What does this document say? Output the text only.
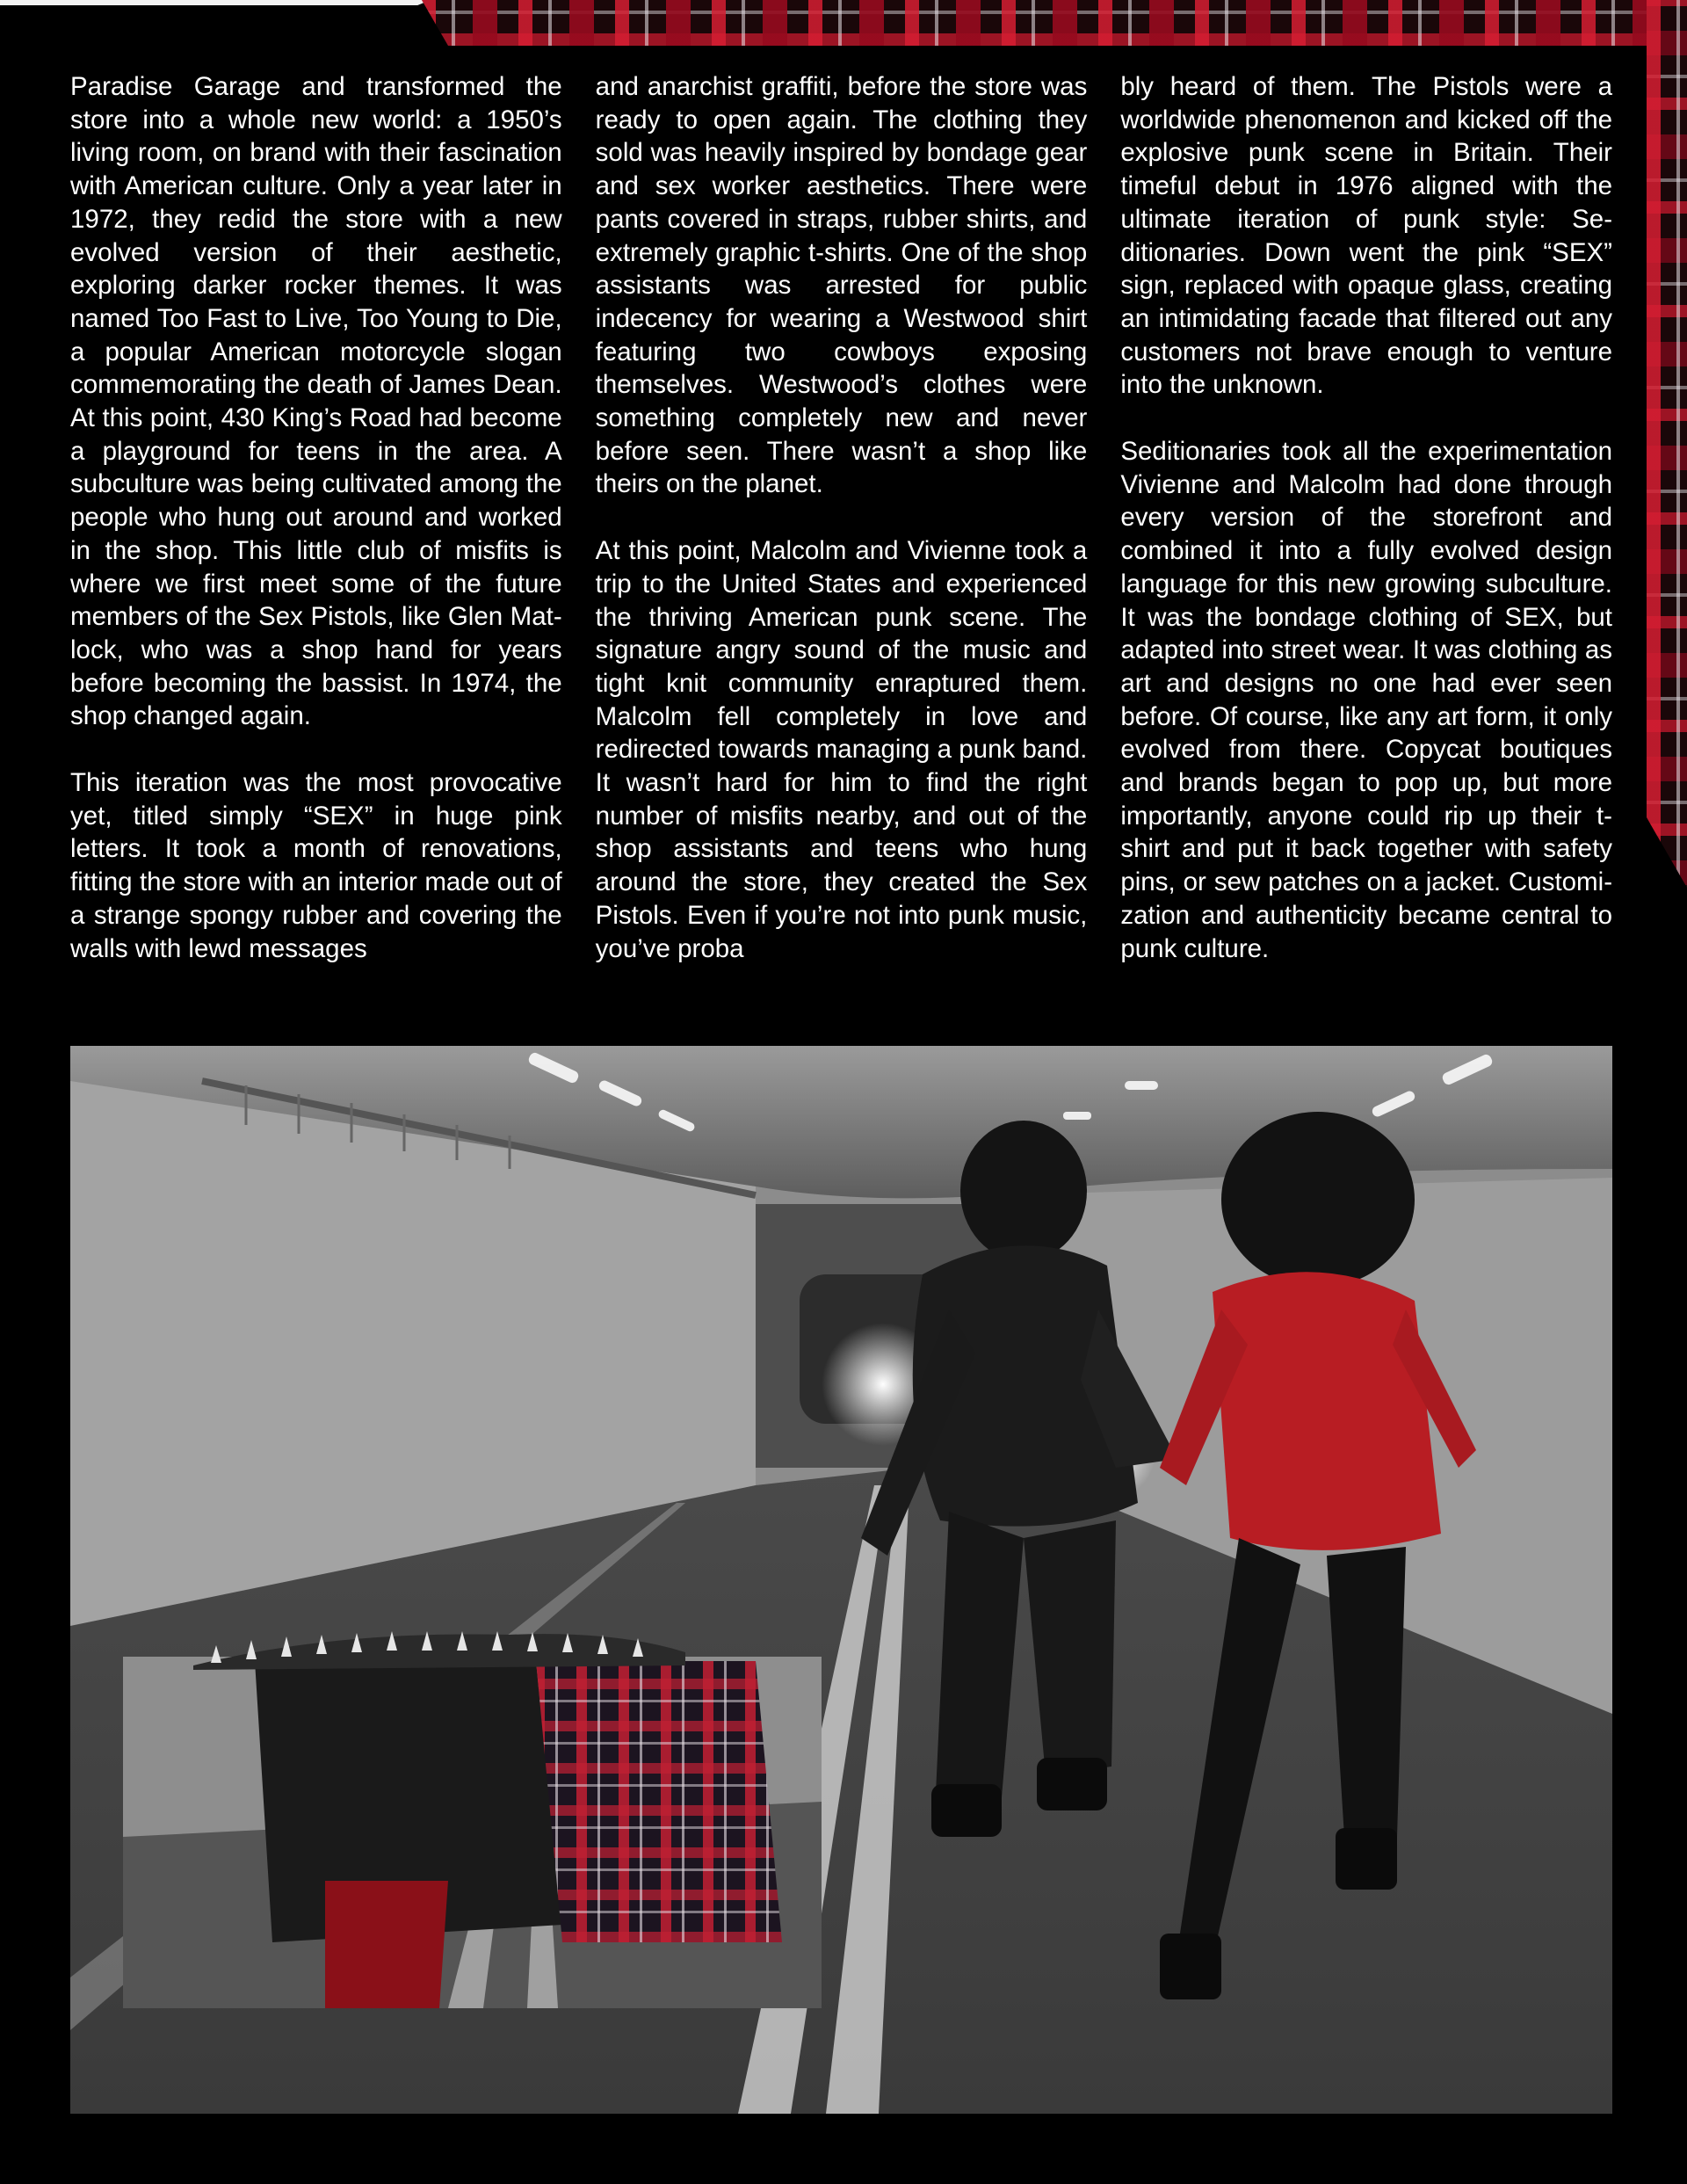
Paradise Garage and transformed the store into a whole new world: a 1950’s living room, on brand with their fascination with American culture. Only a year later in 1972, they redid the store with a new evolved version of their aesthetic, exploring darker rocker themes. It was named Too Fast to Live, Too Young to Die, a popular American motorcycle slogan commemorating the death of James Dean. At this point, 430 King’s Road had become a playground for teens in the area. A subculture was being cultivated among the people who hung out around and worked in the shop. This little club of misfits is where we first meet some of the future members of the Sex Pistols, like Glen Matlock, who was a shop hand for years before becoming the bassist. In 1974, the shop changed again.

This iteration was the most provocative yet, titled simply “SEX” in huge pink letters. It took a month of renovations, fitting the store with an interior made out of a strange spongy rubber and covering the walls with lewd messages

and anarchist graffiti, before the store was ready to open again. The clothing they sold was heavily inspired by bondage gear and sex worker aesthetics. There were pants covered in straps, rubber shirts, and extremely graphic t-shirts. One of the shop assistants was arrested for public indecency for wearing a Westwood shirt featuring two cowboys exposing themselves. Westwood’s clothes were something completely new and never before seen. There wasn’t a shop like theirs on the planet.

At this point, Malcolm and Vivienne took a trip to the United States and experienced the thriving American punk scene. The signature angry sound of the music and tight knit community enraptured them. Malcolm fell completely in love and redirected towards managing a punk band. It wasn’t hard for him to find the right number of misfits nearby, and out of the shop assistants and teens who hung around the store, they created the Sex Pistols. Even if you’re not into punk music, you’ve proba

bly heard of them. The Pistols were a worldwide phenomenon and kicked off the explosive punk scene in Britain. Their timeful debut in 1976 aligned with the ultimate iteration of punk style: Seditionaries. Down went the pink “SEX” sign, replaced with opaque glass, creating an intimidating facade that filtered out any customers not brave enough to venture into the unknown.

Seditionaries took all the experimentation Vivienne and Malcolm had done through every version of the storefront and combined it into a fully evolved design language for this new growing subculture. It was the bondage clothing of SEX, but adapted into street wear. It was clothing as art and designs no one had ever seen before. Of course, like any art form, it only evolved from there. Copycat boutiques and brands began to pop up, but more importantly, anyone could rip up their t-shirt and put it back together with safety pins, or sew patches on a jacket. Customization and authenticity became central to punk culture.
